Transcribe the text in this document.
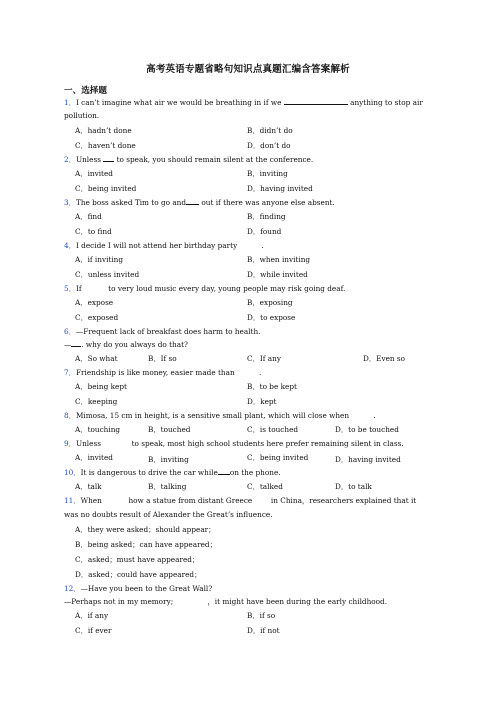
高考英语专题省略句知识点真题汇编含答案解析
一、选择题
1．I can’t imagine what air we would be breathing in if we	anything to stop air
pollution.
A．hadn’t done	B．didn’t do
C．haven’t done	D．don’t do
2．Unless  to speak, you should remain silent at the conference.
A．invited	B．inviting
C．being invited	D．having invited
3．The boss asked Tim to go and out if there was anyone else absent.
A．find	B．finding
C．to find	D．found
4．I decide I will not attend her birthday party	.
A．if inviting	B．when inviting
C．unless invited	D．while invited
5．If	to very loud music every day, young people may risk going deaf.
A．expose	B．exposing
C．exposed	D．to expose
6．—Frequent lack of breakfast does harm to health.
— . why do you always do that?
A．So what	B．If so	C．If any	D．Even so
7．Friendship is like money, easier made than	.
A．being kept	B．to be kept
C．keeping	D．kept
8．Mimosa, 15 cm in height, is a sensitive small plant, which will close when	.
A．touching	B．touched	C．is touched	D．to be touched
9．Unless	to speak, most high school students here prefer remaining silent in class.
A．invited	B．inviting	C．being invited	D．having invited
10．It is dangerous to drive the car while on the phone.
A．talk	B．talking	C．talked	D．to talk
11．When	how a statue from distant Greece  in China，researchers explained that it
was no doubts result of Alexander the Great’s influence.
A．they were asked；should appear；
B．being asked；can have appeared；
C．asked；must have appeared；
D．asked；could have appeared；
12．—Have you been to the Great Wall?
—Perhaps not in my memory;	，it might have been during the early childhood.
A．if any	B．if so
C．if ever	D．if not
